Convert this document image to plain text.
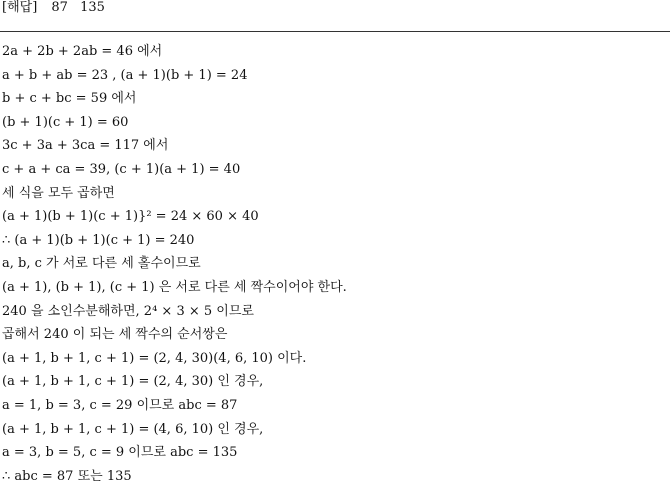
[해답] 87 135
2a + 2b + 2ab = 46 에서
a + b + ab = 23 , (a + 1)(b + 1) = 24
b + c + bc = 59 에서
(b + 1)(c + 1) = 60
3c + 3a + 3ca = 117 에서
c + a + ca = 39, (c + 1)(a + 1) = 40
세 식을 모두 곱하면
(a + 1)(b + 1)(c + 1)}² = 24 × 60 × 40
∴ (a + 1)(b + 1)(c + 1) = 240
a, b, c 가 서로 다른 세 홀수이므로
(a + 1), (b + 1), (c + 1) 은 서로 다른 세 짝수이어야 한다.
240 을 소인수분해하면, 2⁴ × 3 × 5 이므로
곱해서 240 이 되는 세 짝수의 순서쌍은
(a + 1, b + 1, c + 1) = (2, 4, 30)(4, 6, 10) 이다.
(a + 1, b + 1, c + 1) = (2, 4, 30) 인 경우,
a = 1, b = 3, c = 29 이므로 abc = 87
(a + 1, b + 1, c + 1) = (4, 6, 10) 인 경우,
a = 3, b = 5, c = 9 이므로 abc = 135
∴ abc = 87 또는 135
